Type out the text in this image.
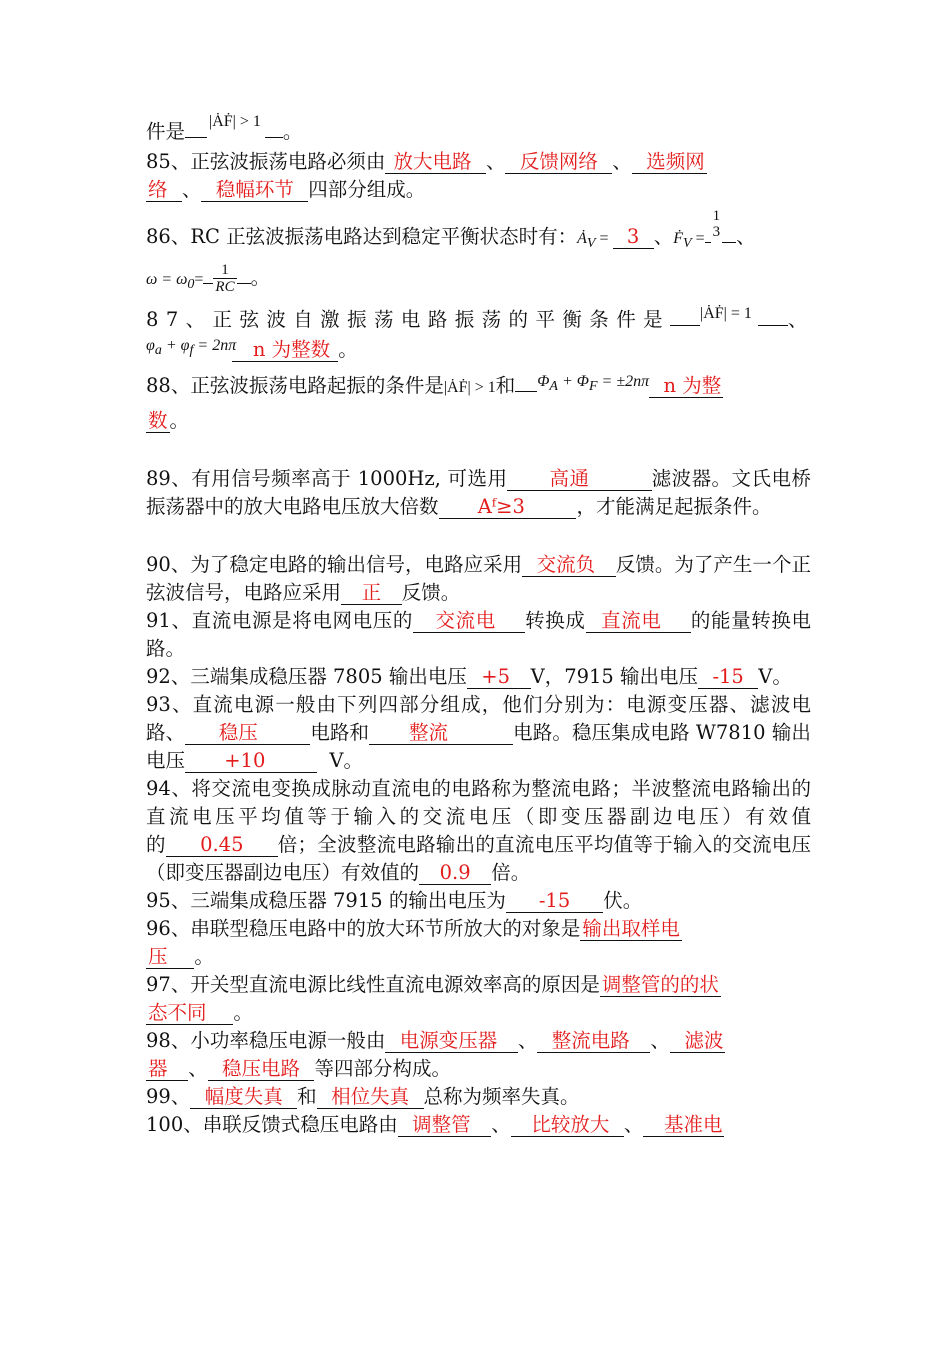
件是 $^{|ȦḞ| > 1}$ 。

85、正弦波振荡电路必须由 放大电路 、 反馈网络 、 选频网
络 、 稳幅环节 四部分组成。

86、RC 正弦波振荡电路达到稳定平衡状态时有：$Ȧ_V = 3$ 、Ḟ$_V$ =
1
3 、
$\omega = \omega_0= \frac{1}{RC}$ 。

87、正弦波自激振荡电路振荡的平衡条件是 $^{|ȦḞ| = 1}$ 、
$^{\varphi_a + \varphi_f = 2n\pi}$ n 为整数 。

88、正弦波振荡电路起振的条件是|ȦḞ| > 1和 $^{\Phi_A + \Phi_F = \pm 2n\pi}$ n 为整
数 。

89、有用信号频率高于 1000Hz, 可选用 高通	滤波器。文氏电桥振荡器中的放大电路电压放大倍数 Aᶠ≥3	，才能满足起振条件。

90、为了稳定电路的输出信号，电路应采用 交流负 反馈。为了产生一个正弦波信号，电路应采用 正 反馈。

91、直流电源是将电网电压的 交流电 转换成 直流电 的能量转换电路。

92、三端集成稳压器 7805 输出电压 +5 V，7915 输出电压 -15 V。

93、直流电源一般由下列四部分组成，他们分别为：电源变压器、滤波电路、 稳压	电路和 整流	电路。稳压集成电路 W7810 输出电压 +10	V。

94、将交流电变换成脉动直流电的电路称为整流电路；半波整流电路输出的直流电压平均值等于输入的交流电压（即变压器副边电压）有效值的 0.45 倍；全波整流电路输出的直流电压平均值等于输入的交流电压（即变压器副边电压）有效值的 0.9 倍。

95、三端集成稳压器 7915 的输出电压为 -15 伏。

96、串联型稳压电路中的放大环节所放大的对象是 输出取样电
压 。

97、开关型直流电源比线性直流电源效率高的原因是 调整管的的状
态不同 。

98、小功率稳压电源一般由 电源变压器 、 整流电路 、 滤波
器 、 稳压电路 等四部分构成。

99、 幅度失真 和 相位失真 总称为频率失真。

100、串联反馈式稳压电路由 调整管 、 比较放大 、 基准电
